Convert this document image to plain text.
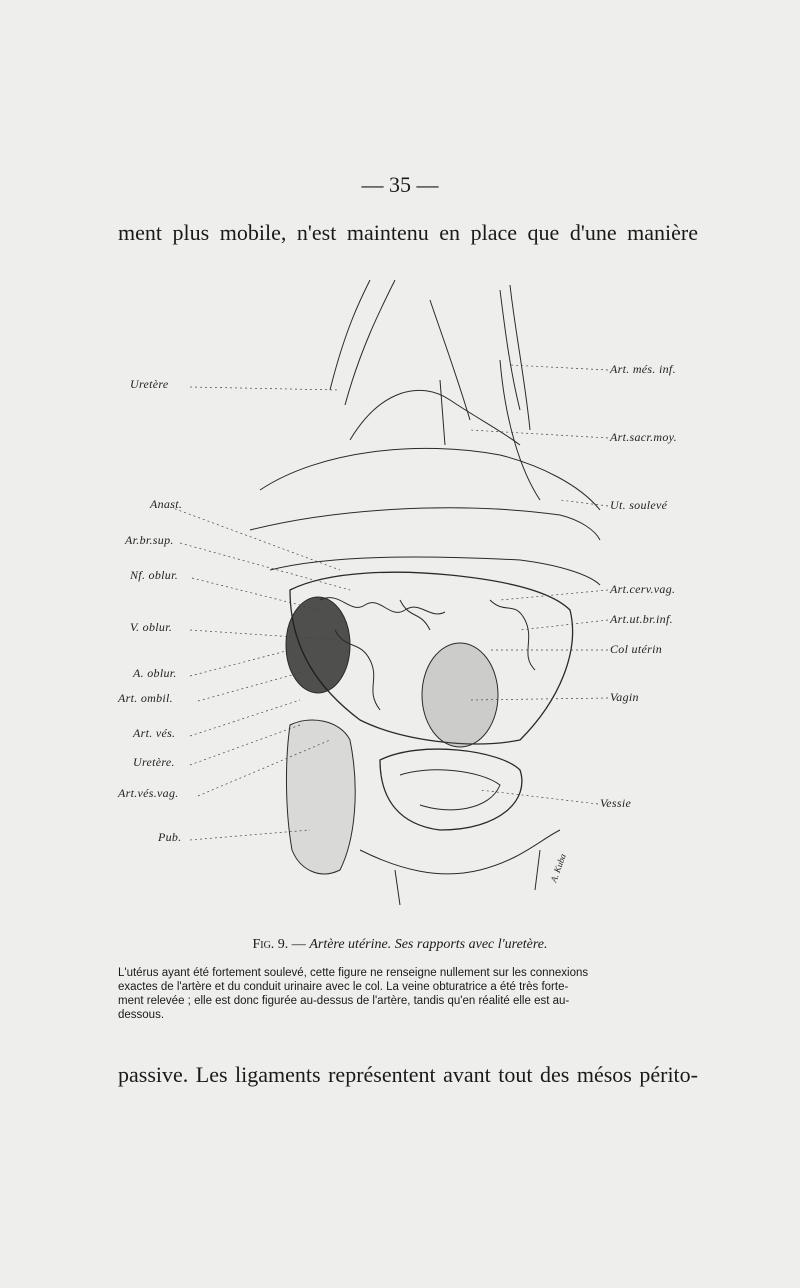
— 35 —
ment plus mobile, n'est maintenu en place que d'une manière
A. Kuba
Uretère
Anast.
Ar.br.sup.
Nf. oblur.
V. oblur.
A. oblur.
Art. ombil.
Art. vés.
Uretère.
Art.vés.vag.
Pub.
Art. més. inf.
Art.sacr.moy.
Ut. soulevé
Art.cerv.vag.
Art.ut.br.inf.
Col utérin
Vagin
Vessie
Fig. 9. — Artère utérine. Ses rapports avec l'uretère.
L'utérus ayant été fortement soulevé, cette figure ne renseigne nullement sur les connexions
exactes de l'artère et du conduit urinaire avec le col. La veine obturatrice a été très forte-
ment relevée ; elle est donc figurée au-dessus de l'artère, tandis qu'en réalité elle est au-
dessous.
passive. Les ligaments représentent avant tout des mésos périto-
